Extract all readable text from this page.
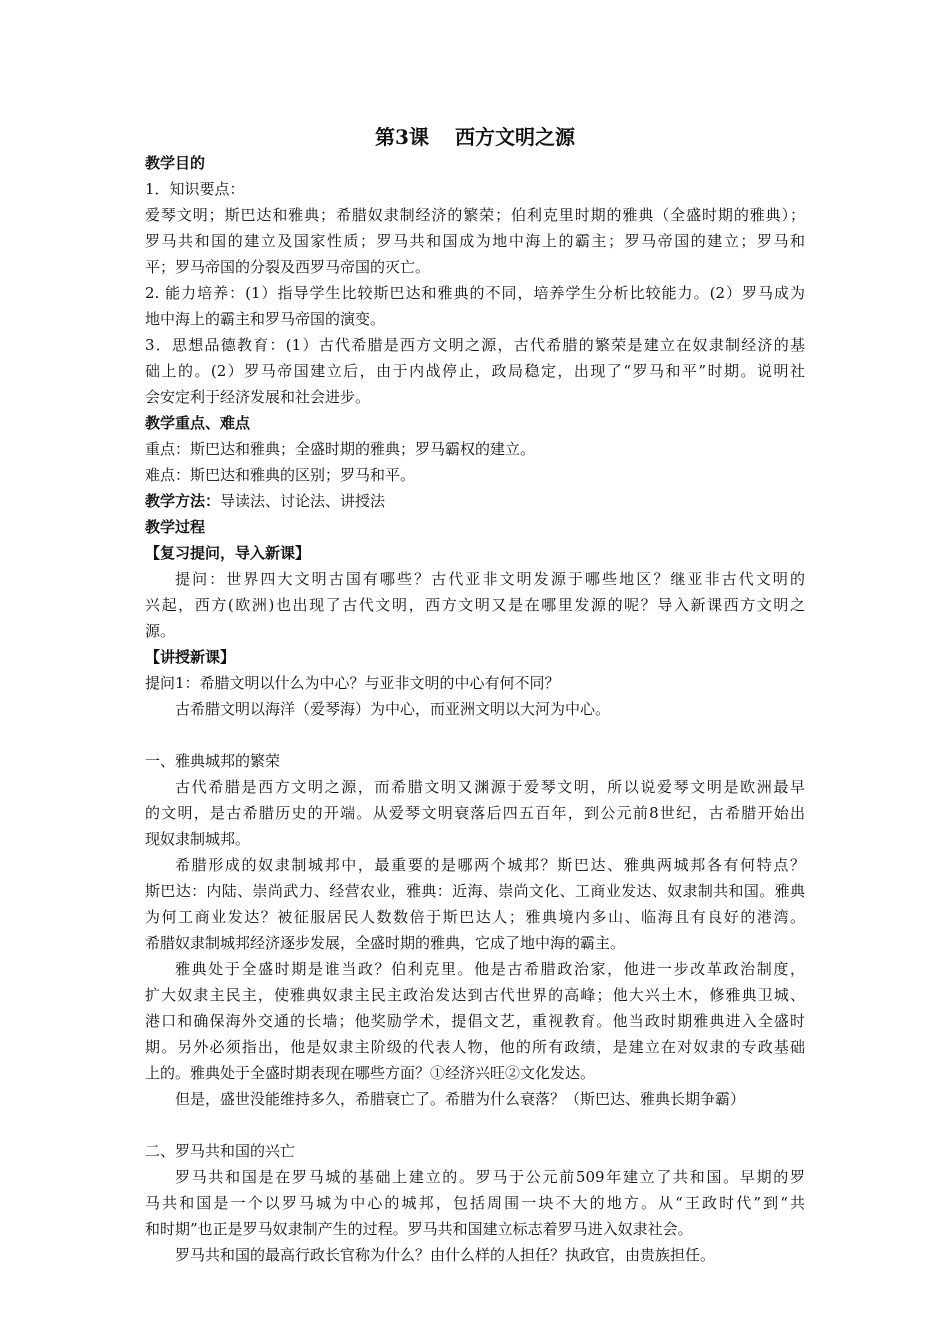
第3课 西方文明之源
教学目的
1．知识要点：
爱琴文明；斯巴达和雅典；希腊奴隶制经济的繁荣；伯利克里时期的雅典（全盛时期的雅典）；
罗马共和国的建立及国家性质；罗马共和国成为地中海上的霸主；罗马帝国的建立；罗马和
平；罗马帝国的分裂及西罗马帝国的灭亡。
2. 能力培养：(1）指导学生比较斯巴达和雅典的不同，培养学生分析比较能力。(2）罗马成为
地中海上的霸主和罗马帝国的演变。
3．思想品德教育：(1）古代希腊是西方文明之源，古代希腊的繁荣是建立在奴隶制经济的基
础上的。(2）罗马帝国建立后，由于内战停止，政局稳定，出现了“罗马和平”时期。说明社
会安定利于经济发展和社会进步。
教学重点、难点
重点：斯巴达和雅典；全盛时期的雅典；罗马霸权的建立。
难点：斯巴达和雅典的区别；罗马和平。
教学方法：导读法、讨论法、讲授法
教学过程
【复习提问，导入新课】
提问：世界四大文明古国有哪些？古代亚非文明发源于哪些地区？继亚非古代文明的
兴起，西方(欧洲)也出现了古代文明，西方文明又是在哪里发源的呢？导入新课西方文明之
源。
【讲授新课】
提问1：希腊文明以什么为中心？与亚非文明的中心有何不同？
古希腊文明以海洋（爱琴海）为中心，而亚洲文明以大河为中心。
一、雅典城邦的繁荣
古代希腊是西方文明之源，而希腊文明又渊源于爱琴文明，所以说爱琴文明是欧洲最早
的文明，是古希腊历史的开端。从爱琴文明衰落后四五百年，到公元前8世纪，古希腊开始出
现奴隶制城邦。
希腊形成的奴隶制城邦中，最重要的是哪两个城邦？斯巴达、雅典两城邦各有何特点？
斯巴达：内陆、崇尚武力、经营农业，雅典：近海、崇尚文化、工商业发达、奴隶制共和国。雅典
为何工商业发达？被征服居民人数数倍于斯巴达人；雅典境内多山、临海且有良好的港湾。
希腊奴隶制城邦经济逐步发展，全盛时期的雅典，它成了地中海的霸主。
雅典处于全盛时期是谁当政？伯利克里。他是古希腊政治家，他进一步改革政治制度，
扩大奴隶主民主，使雅典奴隶主民主政治发达到古代世界的高峰；他大兴土木，修雅典卫城、
港口和确保海外交通的长墙；他奖励学术，提倡文艺，重视教育。他当政时期雅典进入全盛时
期。另外必须指出，他是奴隶主阶级的代表人物，他的所有政绩，是建立在对奴隶的专政基础
上的。雅典处于全盛时期表现在哪些方面？①经济兴旺②文化发达。
但是，盛世没能维持多久，希腊衰亡了。希腊为什么衰落？（斯巴达、雅典长期争霸）
二、罗马共和国的兴亡
罗马共和国是在罗马城的基础上建立的。罗马于公元前509年建立了共和国。早期的罗
马共和国是一个以罗马城为中心的城邦，包括周围一块不大的地方。从“王政时代”到“共
和时期”也正是罗马奴隶制产生的过程。罗马共和国建立标志着罗马进入奴隶社会。
罗马共和国的最高行政长官称为什么？由什么样的人担任？执政官，由贵族担任。
